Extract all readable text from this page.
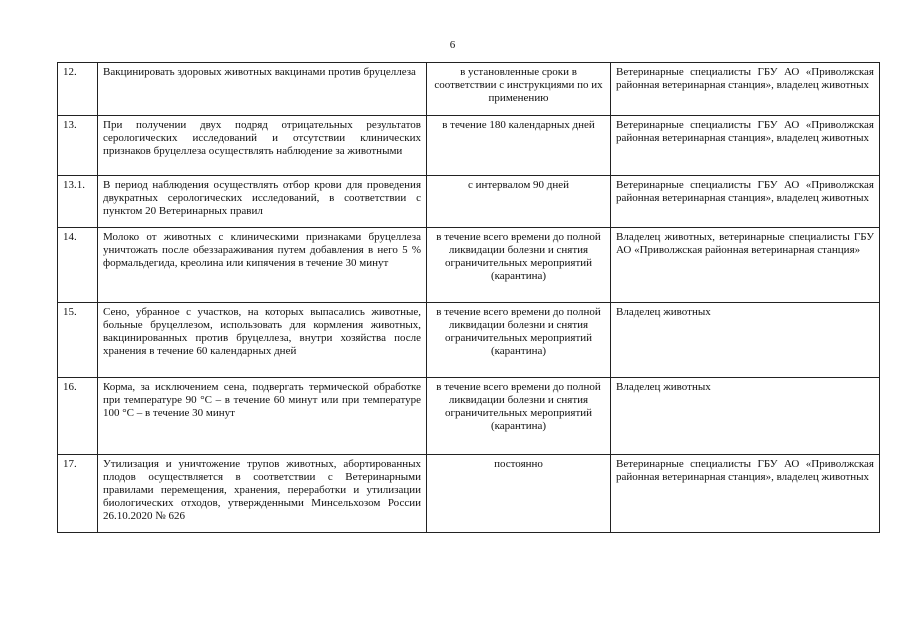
6
12.	Вакцинировать здоровых животных вакцинами против бруцеллеза	в установленные сроки в соответствии с инструкциями по их применению	Ветеринарные специалисты ГБУ АО «Приволжская районная ветеринарная станция», владелец животных
13.	При получении двух подряд отрицательных результатов серологических исследований и отсутствии клинических признаков бруцеллеза осуществлять наблюдение за животными	в течение 180 календарных дней	Ветеринарные специалисты ГБУ АО «Приволжская районная ветеринарная станция», владелец животных
13.1.	В период наблюдения осуществлять отбор крови для проведения двукратных серологических исследований, в соответствии с пунктом 20 Ветеринарных правил	с интервалом 90 дней	Ветеринарные специалисты ГБУ АО «Приволжская районная ветеринарная станция», владелец животных
14.	Молоко от животных с клиническими признаками бруцеллеза уничтожать после обеззараживания путем добавления в него 5 % формальдегида, креолина или кипячения в течение 30 минут	в течение всего времени до полной ликвидации болезни и снятия ограничительных мероприятий (карантина)	Владелец животных, ветеринарные специалисты ГБУ АО «Приволжская районная ветеринарная станция»
15.	Сено, убранное с участков, на которых выпасались животные, больные бруцеллезом, использовать для кормления животных, вакцинированных против бруцеллеза, внутри хозяйства после хранения в течение 60 календарных дней	в течение всего времени до полной ликвидации болезни и снятия ограничительных мероприятий (карантина)	Владелец животных
16.	Корма, за исключением сена, подвергать термической обработке при температуре 90 °C – в течение 60 минут или при температуре 100 °C – в течение 30 минут	в течение всего времени до полной ликвидации болезни и снятия ограничительных мероприятий (карантина)	Владелец животных
17.	Утилизация и уничтожение трупов животных, абортированных плодов осуществляется в соответствии с Ветеринарными правилами перемещения, хранения, переработки и утилизации биологических отходов, утвержденными Минсельхозом России 26.10.2020 № 626	постоянно	Ветеринарные специалисты ГБУ АО «Приволжская районная ветеринарная станция», владелец животных
